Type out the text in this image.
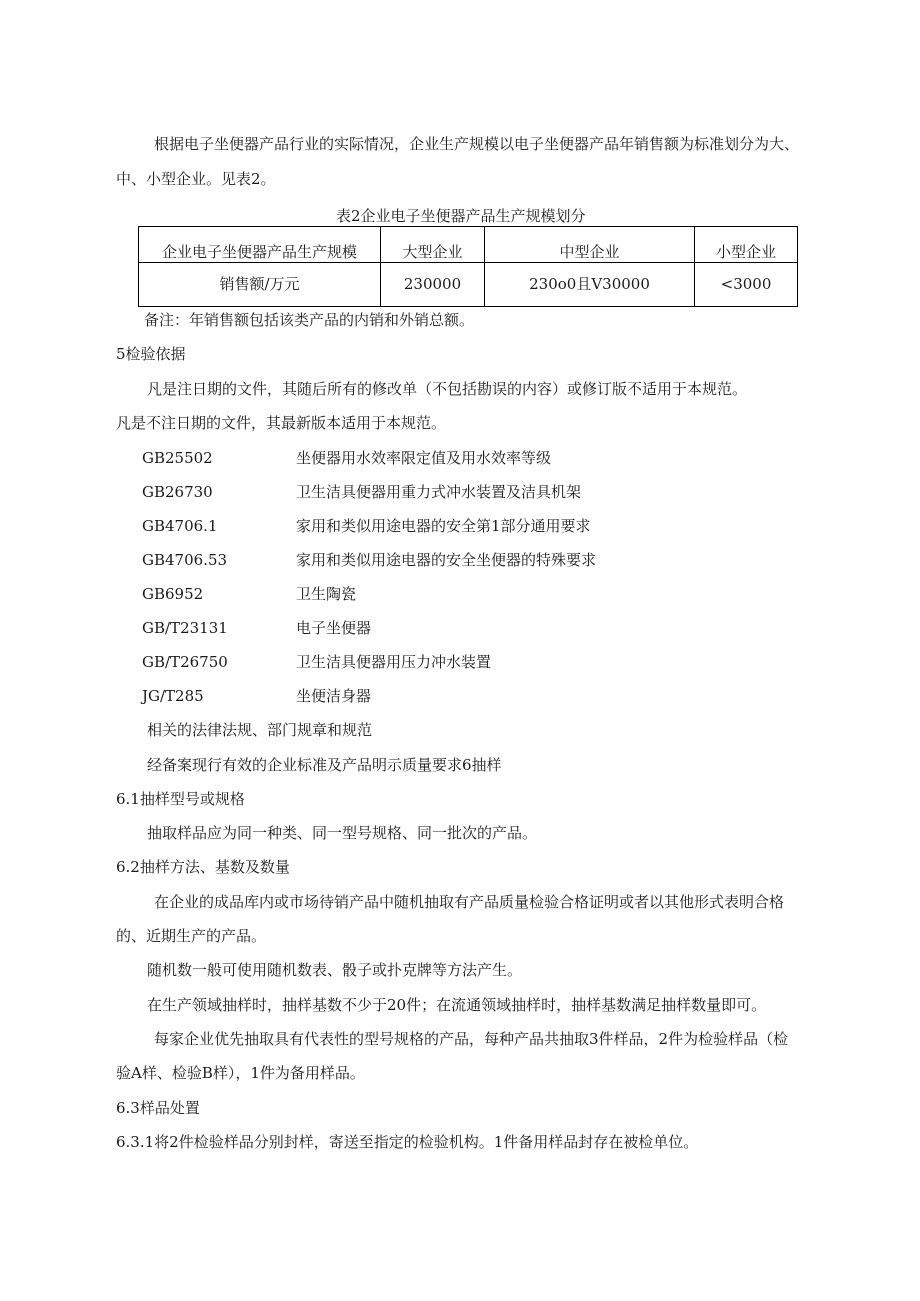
根据电子坐便器产品行业的实际情况，企业生产规模以电子坐便器产品年销售额为标准划分为大、
中、小型企业。见表2。
表2企业电子坐便器产品生产规模划分
企业电子坐便器产品生产规模	大型企业	中型企业	小型企业
销售额/万元	230000	230o0且V30000	<3000
备注：年销售额包括该类产品的内销和外销总额。
5检验依据
凡是注日期的文件，其随后所有的修改单（不包括勘误的内容）或修订版不适用于本规范。
凡是不注日期的文件，其最新版本适用于本规范。
GB25502	坐便器用水效率限定值及用水效率等级
GB26730	卫生洁具便器用重力式冲水装置及洁具机架
GB4706.1	家用和类似用途电器的安全第1部分通用要求
GB4706.53	家用和类似用途电器的安全坐便器的特殊要求
GB6952	卫生陶瓷
GB/T23131	电子坐便器
GB/T26750	卫生洁具便器用压力冲水装置
JG/T285	坐便洁身器
相关的法律法规、部门规章和规范
经备案现行有效的企业标准及产品明示质量要求6抽样
6.1抽样型号或规格
抽取样品应为同一种类、同一型号规格、同一批次的产品。
6.2抽样方法、基数及数量
在企业的成品库内或市场待销产品中随机抽取有产品质量检验合格证明或者以其他形式表明合格
的、近期生产的产品。
随机数一般可使用随机数表、骰子或扑克牌等方法产生。
在生产领域抽样时，抽样基数不少于20件；在流通领域抽样时，抽样基数满足抽样数量即可。
每家企业优先抽取具有代表性的型号规格的产品，每种产品共抽取3件样品，2件为检验样品（检
验A样、检验B样），1件为备用样品。
6.3样品处置
6.3.1将2件检验样品分别封样，寄送至指定的检验机构。1件备用样品封存在被检单位。
